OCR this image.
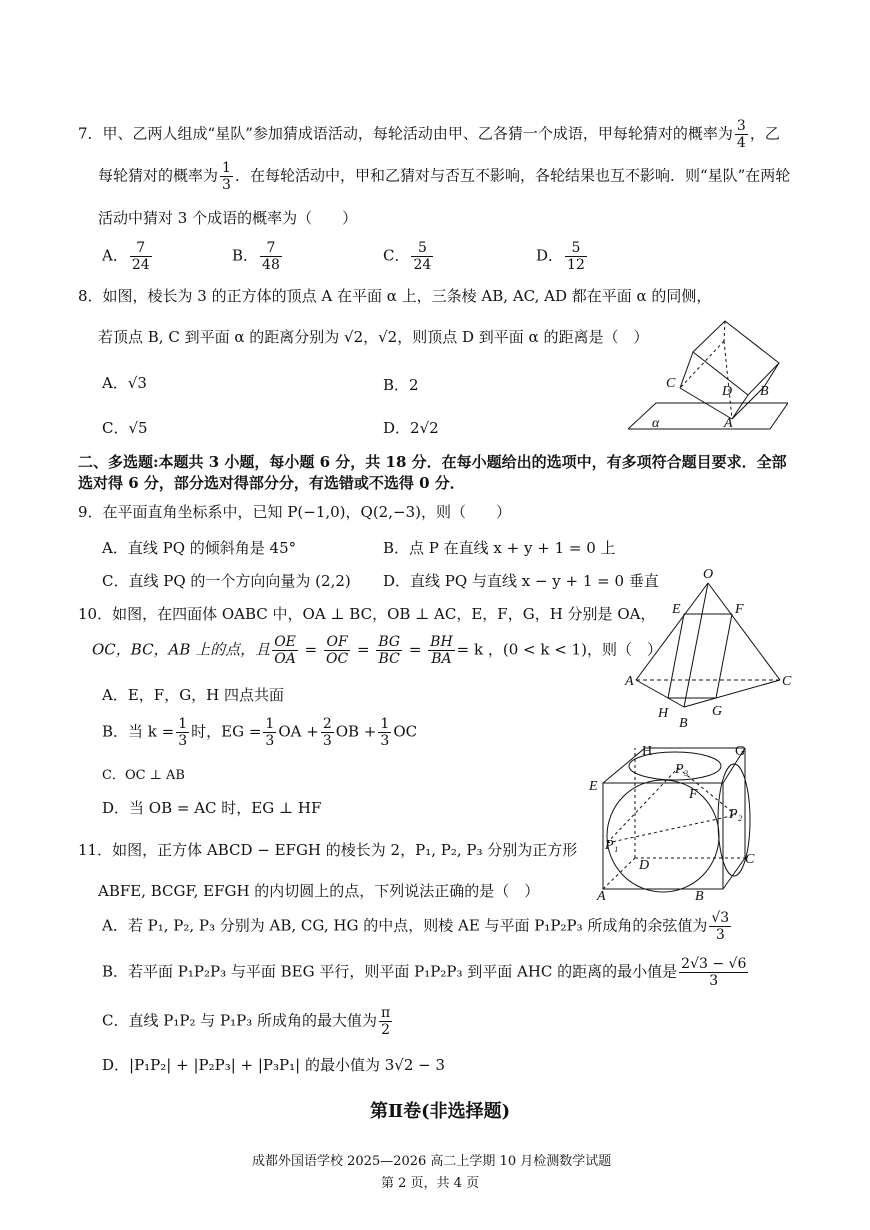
7．甲、乙两人组成“星队”参加猜成语活动，每轮活动由甲、乙各猜一个成语，甲每轮猜对的概率为 $\frac{3}{4}$ ，乙
每轮猜对的概率为 $\frac{1}{3}$ ．在每轮活动中，甲和乙猜对与否互不影响，各轮结果也互不影响．则“星队”在两轮
活动中猜对 3 个成语的概率为（　　）
A． $\frac{7}{24}$	B． $\frac{7}{48}$	C． $\frac{5}{24}$	D． $\frac{5}{12}$
8．如图，棱长为 3 的正方体的顶点 A 在平面 α 上，三条棱 AB, AC, AD 都在平面 α 的同侧，
若顶点 B, C 到平面 α 的距离分别为 √2，√2，则顶点 D 到平面 α 的距离是（　）
A．√3	B．2
C．√5	D．2√2
C
D B
A
α
二、多选题:本题共 3 小题，每小题 6 分，共 18 分．在每小题给出的选项中，有多项符合题目要求．全部
选对得 6 分，部分选对得部分分，有选错或不选得 0 分．
9．在平面直角坐标系中，已知 P(−1,0)，Q(2,−3)，则（　　）
A．直线 PQ 的倾斜角是 45°	B．点 P 在直线 x + y + 1 = 0 上
C．直线 PQ 的一个方向向量为 (2,2) D．直线 PQ 与直线 x − y + 1 = 0 垂直
10．如图，在四面体 OABC 中，OA ⊥ BC，OB ⊥ AC，E，F，G，H 分别是 OA，
OC，BC，AB 上的点，且 $\frac{OE}{OA} = \frac{OF}{OC} = \frac{BG}{BC} = \frac{BH}{BA} = k$ ，(0 < k < 1)，则（　）
A．E，F，G，H 四点共面
B．当 $k = \frac{1}{3}$ 时，EG = $\frac{1}{3}$ OA + $\frac{2}{3}$ OB + $\frac{1}{3}$ OC
C．OC ⊥ AB
D．当 OB = AC 时，EG ⊥ HF
O
E	F
A	C
H
B
G
11．如图，正方体 ABCD − EFGH 的棱长为 2，P₁, P₂, P₃ 分别为正方形
ABFE, BCGF, EFGH 的内切圆上的点，下列说法正确的是（　）
A．若 P₁, P₂, P₃ 分别为 AB, CG, HG 的中点，则棱 AE 与平面 P₁P₂P₃ 所成角的余弦值为 $\frac{√3}{3}$
B．若平面 P₁P₂P₃ 与平面 BEG 平行，则平面 P₁P₂P₃ 到平面 AHC 的距离的最小值是 $\frac{2√3 - √6}{3}$
C．直线 P₁P₂ 与 P₁P₃ 所成角的最大值为 $\frac{\pi}{2}$
D．|P₁P₂| + |P₂P₃| + |P₃P₁| 的最小值为 3√2 − 3
H	G
P₃
E
F
P₂
P₁
D	C
A	B
第Ⅱ卷(非选择题)
成都外国语学校 2025—2026 高二上学期 10 月检测数学试题
第 2 页，共 4 页
